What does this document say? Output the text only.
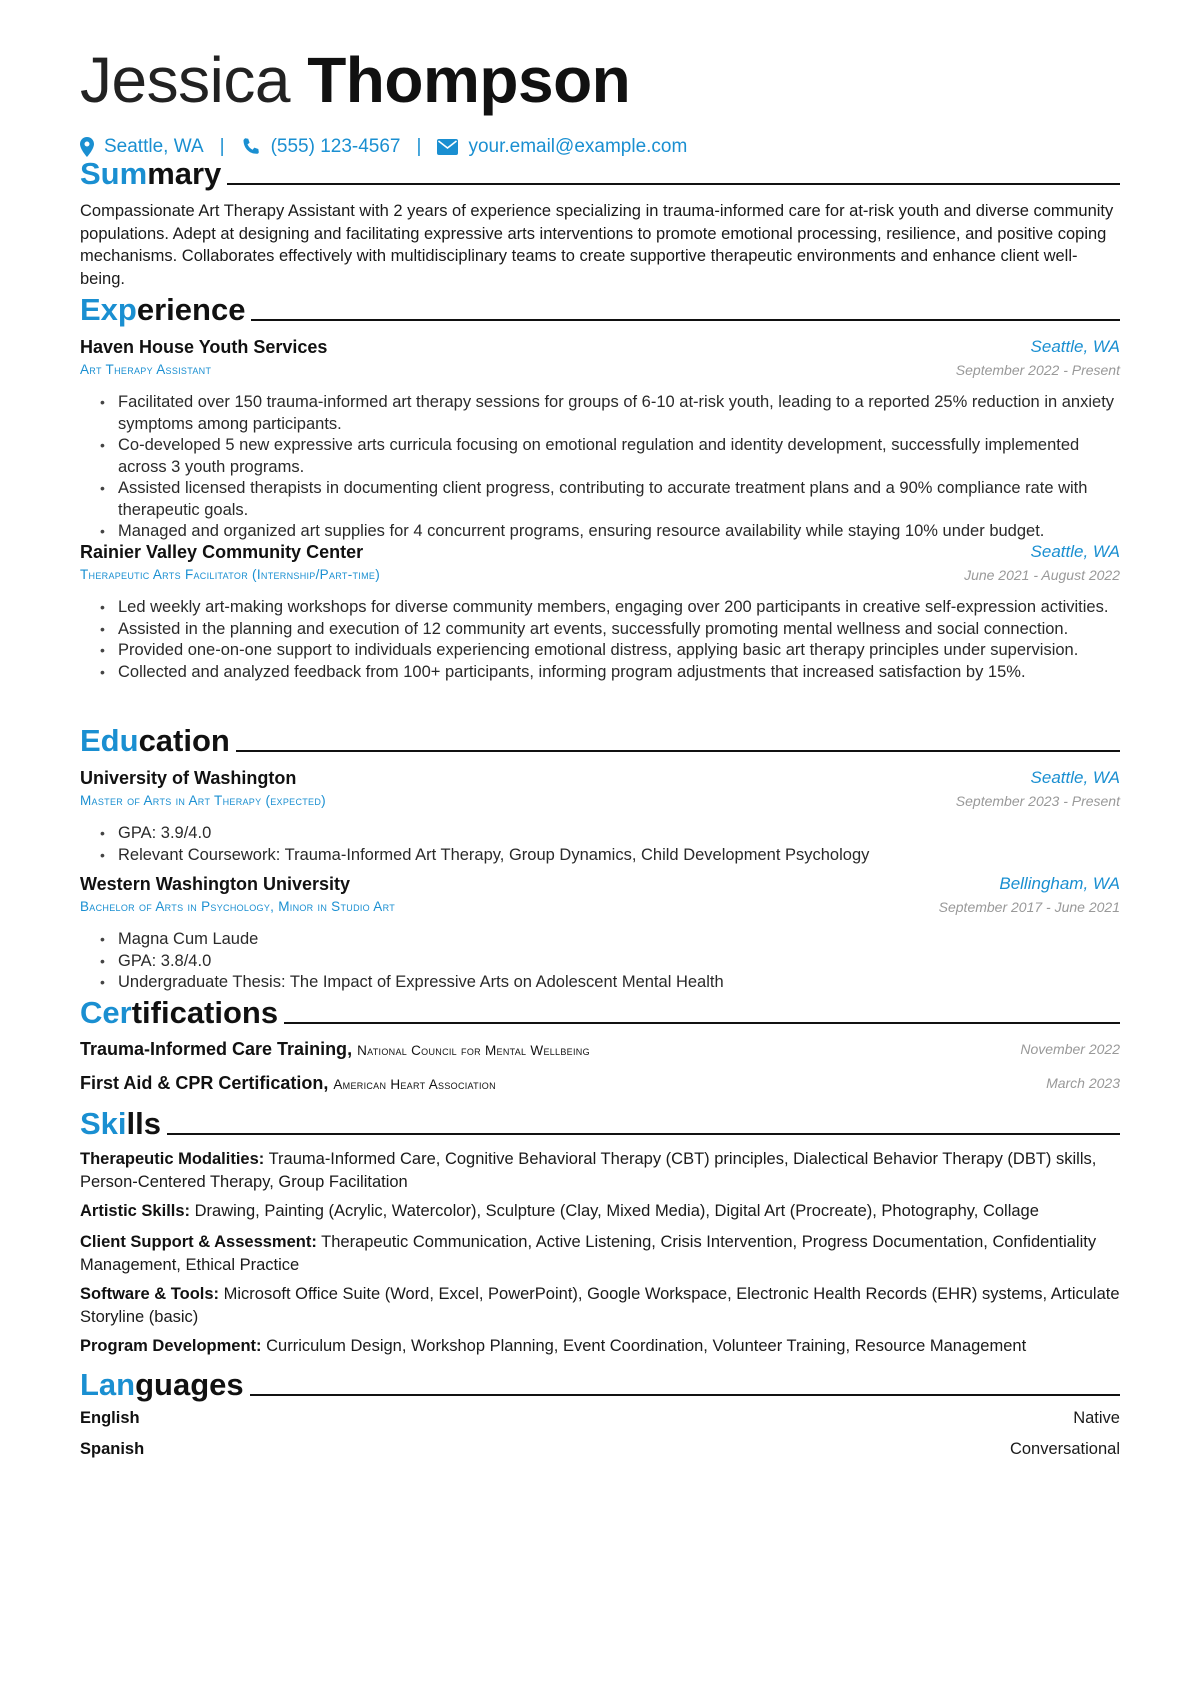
Jessica Thompson
Seattle, WA | (555) 123-4567 | your.email@example.com
Summary
Compassionate Art Therapy Assistant with 2 years of experience specializing in trauma-informed care for at-risk youth and diverse community populations. Adept at designing and facilitating expressive arts interventions to promote emotional processing, resilience, and positive coping mechanisms. Collaborates effectively with multidisciplinary teams to create supportive therapeutic environments and enhance client well-being.
Experience
Haven House Youth Services	Seattle, WA
Art Therapy Assistant	September 2022 - Present
• Facilitated over 150 trauma-informed art therapy sessions for groups of 6-10 at-risk youth, leading to a reported 25% reduction in anxiety symptoms among participants.
• Co-developed 5 new expressive arts curricula focusing on emotional regulation and identity development, successfully implemented across 3 youth programs.
• Assisted licensed therapists in documenting client progress, contributing to accurate treatment plans and a 90% compliance rate with therapeutic goals.
• Managed and organized art supplies for 4 concurrent programs, ensuring resource availability while staying 10% under budget.
Rainier Valley Community Center	Seattle, WA
Therapeutic Arts Facilitator (Internship/Part-time)	June 2021 - August 2022
• Led weekly art-making workshops for diverse community members, engaging over 200 participants in creative self-expression activities.
• Assisted in the planning and execution of 12 community art events, successfully promoting mental wellness and social connection.
• Provided one-on-one support to individuals experiencing emotional distress, applying basic art therapy principles under supervision.
• Collected and analyzed feedback from 100+ participants, informing program adjustments that increased satisfaction by 15%.
Education
University of Washington	Seattle, WA
Master of Arts in Art Therapy (expected)	September 2023 - Present
• GPA: 3.9/4.0
• Relevant Coursework: Trauma-Informed Art Therapy, Group Dynamics, Child Development Psychology
Western Washington University	Bellingham, WA
Bachelor of Arts in Psychology, Minor in Studio Art	September 2017 - June 2021
• Magna Cum Laude
• GPA: 3.8/4.0
• Undergraduate Thesis: The Impact of Expressive Arts on Adolescent Mental Health
Certifications
Trauma-Informed Care Training, National Council for Mental Wellbeing	November 2022
First Aid & CPR Certification, American Heart Association	March 2023
Skills
Therapeutic Modalities: Trauma-Informed Care, Cognitive Behavioral Therapy (CBT) principles, Dialectical Behavior Therapy (DBT) skills, Person-Centered Therapy, Group Facilitation
Artistic Skills: Drawing, Painting (Acrylic, Watercolor), Sculpture (Clay, Mixed Media), Digital Art (Procreate), Photography, Collage
Client Support & Assessment: Therapeutic Communication, Active Listening, Crisis Intervention, Progress Documentation, Confidentiality Management, Ethical Practice
Software & Tools: Microsoft Office Suite (Word, Excel, PowerPoint), Google Workspace, Electronic Health Records (EHR) systems, Articulate Storyline (basic)
Program Development: Curriculum Design, Workshop Planning, Event Coordination, Volunteer Training, Resource Management
Languages
English	Native
Spanish	Conversational
